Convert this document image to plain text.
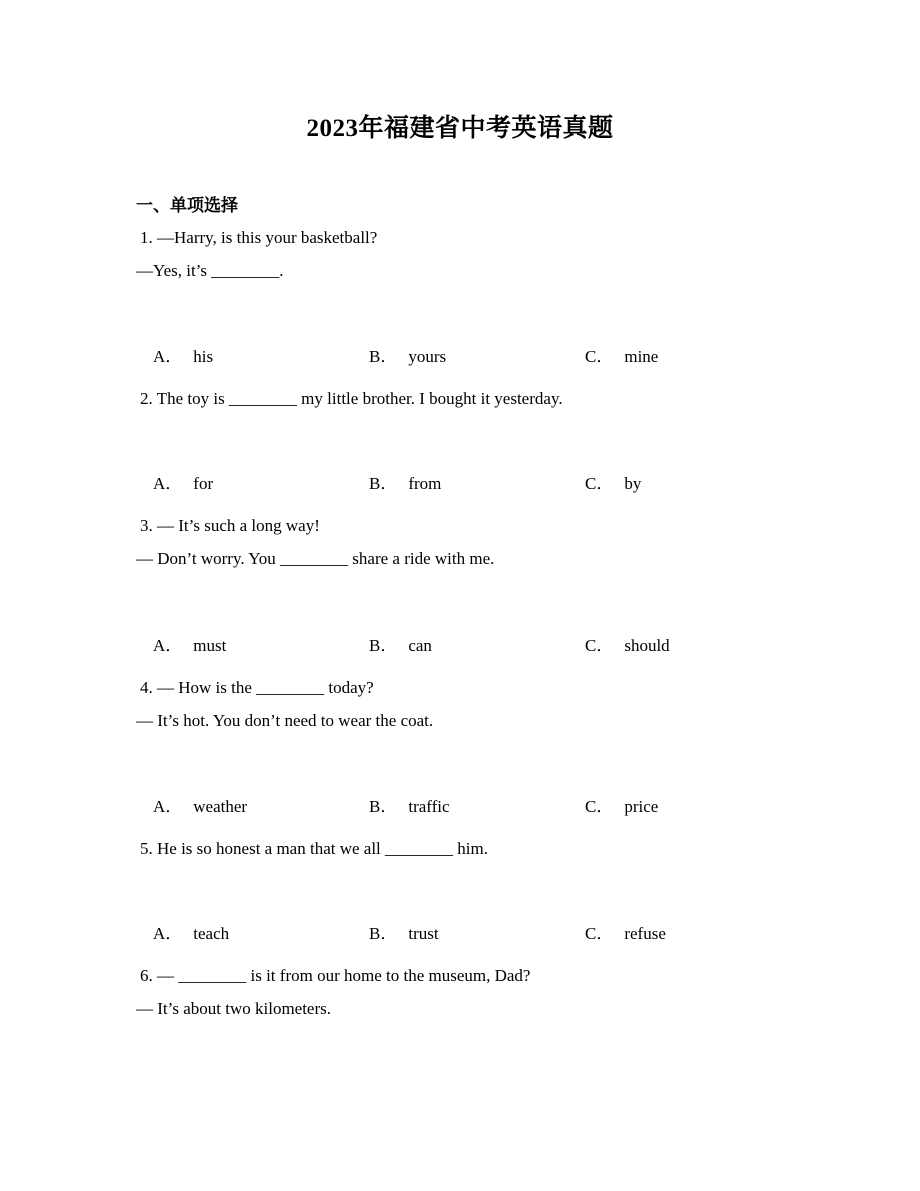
2023年福建省中考英语真题
一、单项选择
1. —Harry, is this your basketball?
—Yes, it’s ________.

A． his
	B． yours
	C． mine

2. The toy is ________ my little brother. I bought it yesterday.

A． for
	B． from
	C． by

3. — It’s such a long way!
— Don’t worry. You ________ share a ride with me.

A． must
	B． can
	C． should

4. — How is the ________ today?
— It’s hot. You don’t need to wear the coat.

A． weather
	B． traffic
	C． price

5. He is so honest a man that we all ________ him.

A． teach
	B． trust
	C． refuse

6. — ________ is it from our home to the museum, Dad?
— It’s about two kilometers.
